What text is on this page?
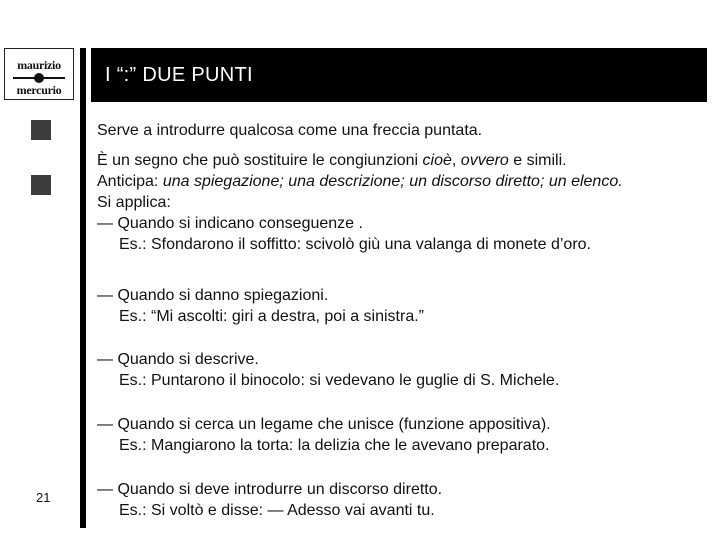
maurizio
mercurio
I “:” DUE PUNTI
Serve a introdurre qualcosa come una freccia puntata.
È un segno che può sostituire le congiunzioni cioè, ovvero e simili.
Anticipa: una spiegazione; una descrizione; un discorso diretto; un elenco.
Si applica:
— Quando si indicano conseguenze .
Es.: Sfondarono il soffitto: scivolò giù una valanga di monete d’oro.
— Quando si danno spiegazioni.
Es.: “Mi ascolti: giri a destra, poi a sinistra.”
— Quando si descrive.
Es.: Puntarono il binocolo: si vedevano le guglie di S. Michele.
— Quando si cerca un legame che unisce (funzione appositiva).
Es.: Mangiarono la torta: la delizia che le avevano preparato.
— Quando si deve introdurre un discorso diretto.
Es.: Si voltò e disse: — Adesso vai avanti tu.
21
